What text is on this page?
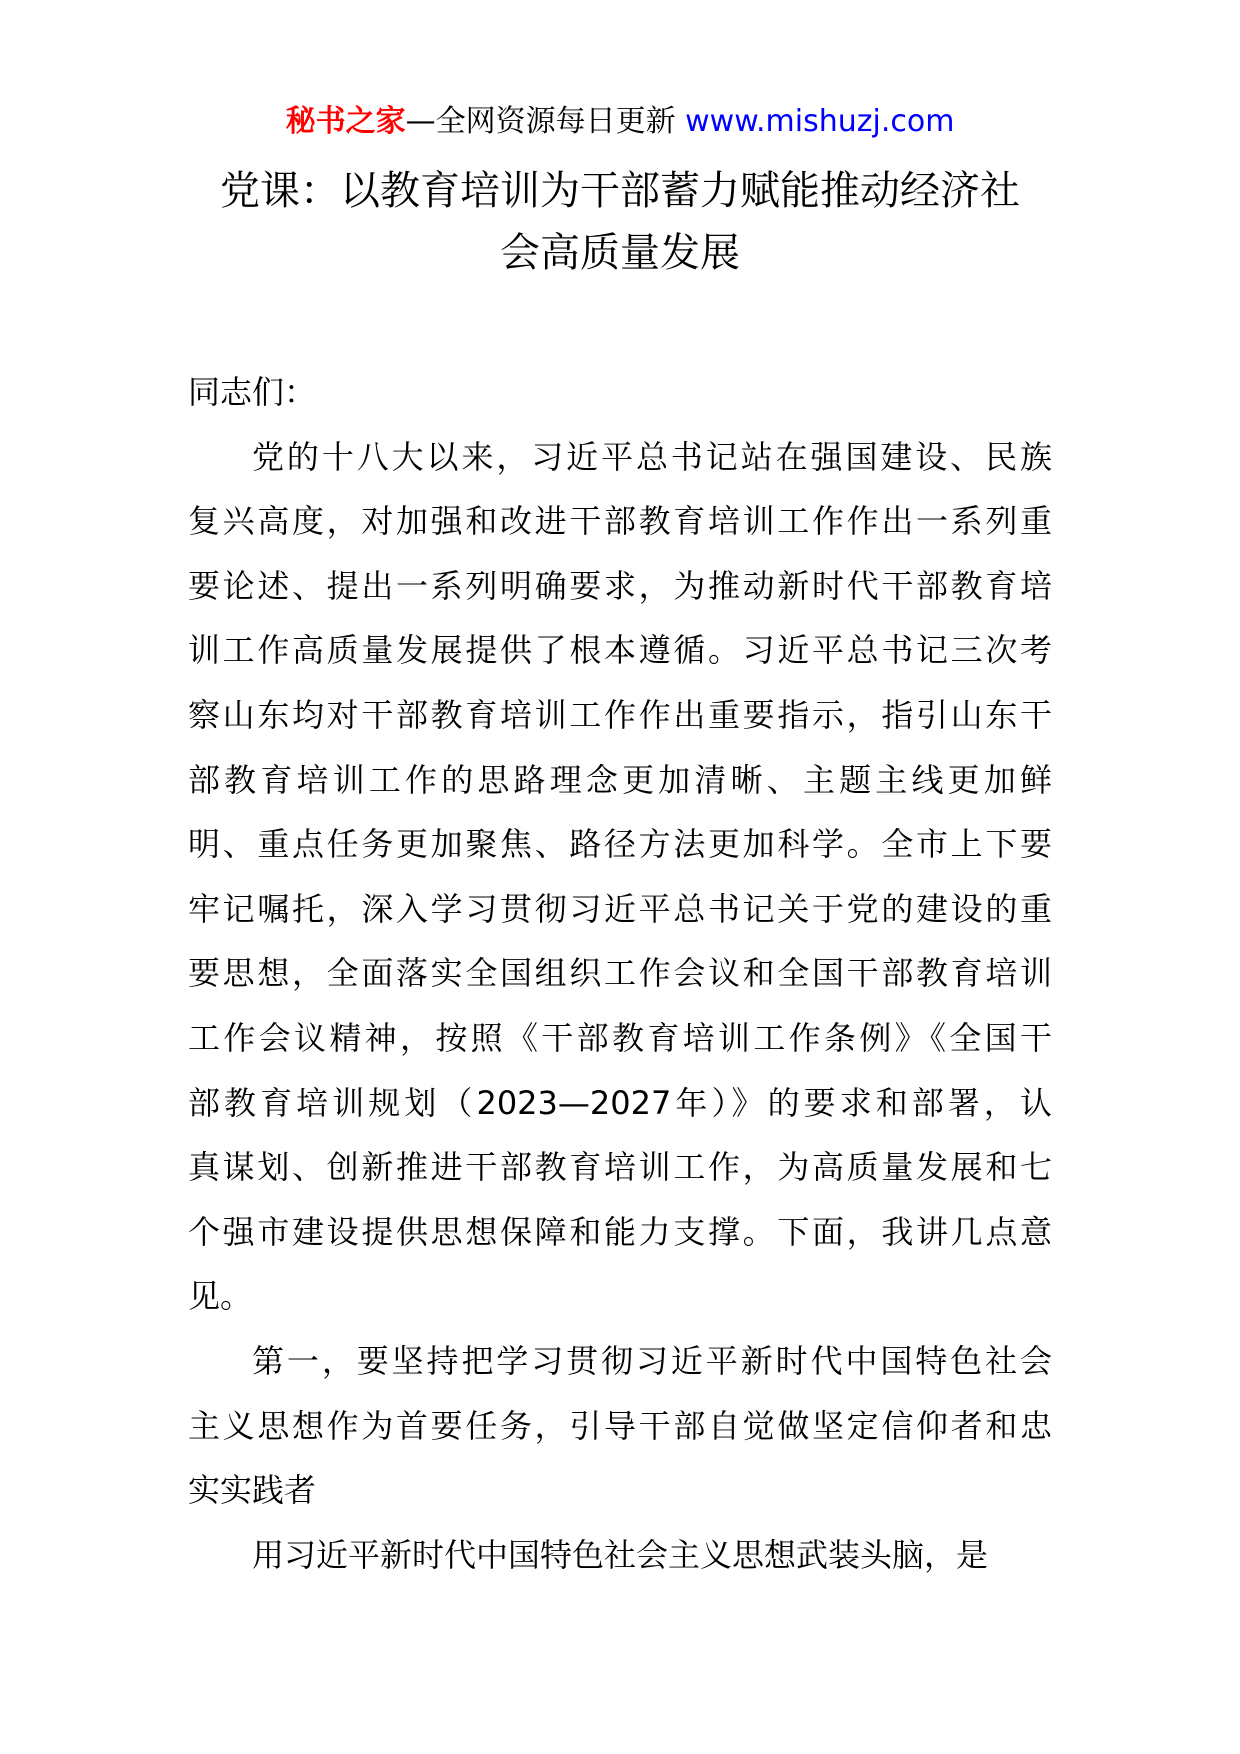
秘书之家—全网资源每日更新 www.mishuzj.com
党课：以教育培训为干部蓄力赋能推动经济社
会高质量发展

同志们：

党的十八大以来，习近平总书记站在强国建设、民族
复兴高度，对加强和改进干部教育培训工作作出一系列重
要论述、提出一系列明确要求，为推动新时代干部教育培
训工作高质量发展提供了根本遵循。习近平总书记三次考
察山东均对干部教育培训工作作出重要指示，指引山东干
部教育培训工作的思路理念更加清晰、主题主线更加鲜
明、重点任务更加聚焦、路径方法更加科学。全市上下要
牢记嘱托，深入学习贯彻习近平总书记关于党的建设的重
要思想，全面落实全国组织工作会议和全国干部教育培训
工作会议精神，按照《干部教育培训工作条例》《全国干
部教育培训规划（2023—2027年）》的要求和部署，认
真谋划、创新推进干部教育培训工作，为高质量发展和七
个强市建设提供思想保障和能力支撑。下面，我讲几点意
见。

第一，要坚持把学习贯彻习近平新时代中国特色社会
主义思想作为首要任务，引导干部自觉做坚定信仰者和忠
实实践者

用习近平新时代中国特色社会主义思想武装头脑，是
